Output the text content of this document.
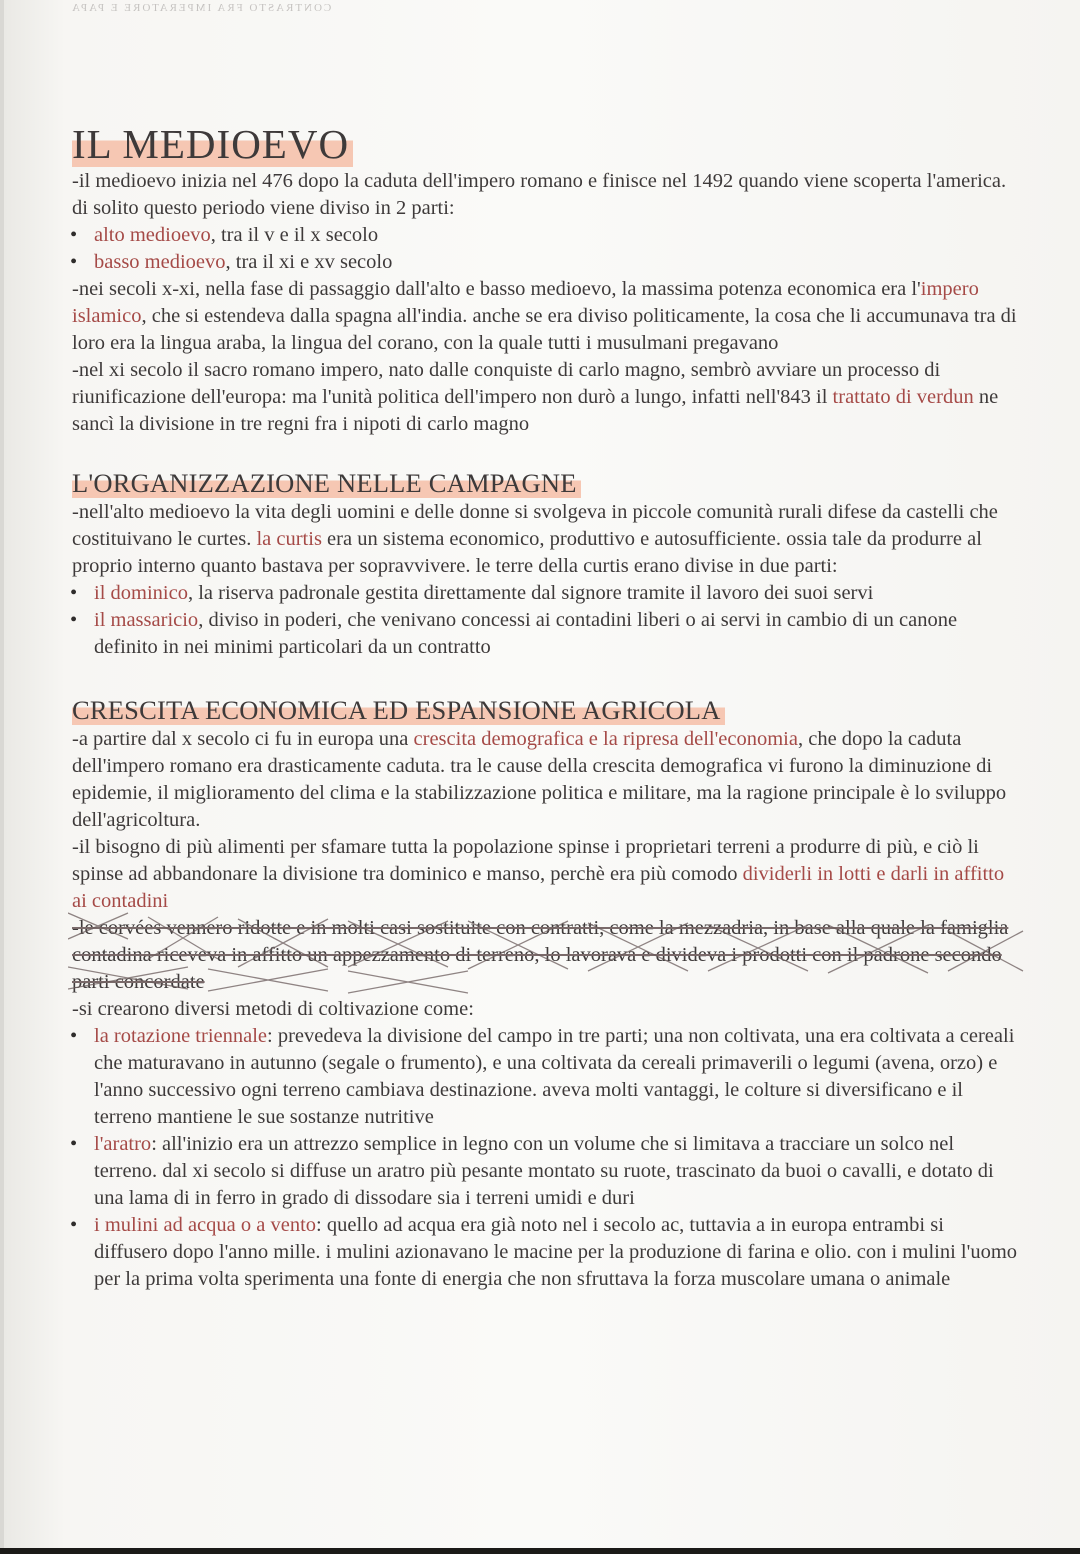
CONTRASTO FRA IMPERATORE E PAPA
IL MEDIOEVO

-il medioevo inizia nel 476 dopo la caduta dell'impero romano e finisce nel 1492 quando viene scoperta l'america. di solito questo periodo viene diviso in 2 parti:

• alto medioevo, tra il v e il x secolo
• basso medioevo, tra il xi e xv secolo

-nei secoli x-xi, nella fase di passaggio dall'alto e basso medioevo, la massima potenza economica era l'impero islamico, che si estendeva dalla spagna all'india. anche se era diviso politicamente, la cosa che li accumunava tra di loro era la lingua araba, la lingua del corano, con la quale tutti i musulmani pregavano

-nel xi secolo il sacro romano impero, nato dalle conquiste di carlo magno, sembrò avviare un processo di riunificazione dell'europa: ma l'unità politica dell'impero non durò a lungo, infatti nell'843 il trattato di verdun ne sancì la divisione in tre regni fra i nipoti di carlo magno

L'ORGANIZZAZIONE NELLE CAMPAGNE

-nell'alto medioevo la vita degli uomini e delle donne si svolgeva in piccole comunità rurali difese da castelli che costituivano le curtes. la curtis era un sistema economico, produttivo e autosufficiente. ossia tale da produrre al proprio interno quanto bastava per sopravvivere. le terre della curtis erano divise in due parti:

• il dominico, la riserva padronale gestita direttamente dal signore tramite il lavoro dei suoi servi
• il massaricio, diviso in poderi, che venivano concessi ai contadini liberi o ai servi in cambio di un canone definito in nei minimi particolari da un contratto
CRESCITA ECONOMICA ED ESPANSIONE AGRICOLA

-a partire dal x secolo ci fu in europa una crescita demografica e la ripresa dell'economia, che dopo la caduta dell'impero romano era drasticamente caduta. tra le cause della crescita demografica vi furono la diminuzione di epidemie, il miglioramento del clima e la stabilizzazione politica e militare, ma la ragione principale è lo sviluppo dell'agricoltura.

-il bisogno di più alimenti per sfamare tutta la popolazione spinse i proprietari terreni a produrre di più, e ciò li spinse ad abbandonare la divisione tra dominico e manso, perchè era più comodo dividerli in lotti e darli in affitto ai contadini

-le corvées vennero ridotte e in molti casi sostituite con contratti, come la mezzadria, in base alla quale la famiglia contadina riceveva in affitto un appezzamento di terreno, lo lavorava e divideva i prodotti con il padrone secondo parti concordate

-si crearono diversi metodi di coltivazione come:

• la rotazione triennale: prevedeva la divisione del campo in tre parti; una non coltivata, una era coltivata a cereali che maturavano in autunno (segale o frumento), e una coltivata da cereali primaverili o legumi (avena, orzo) e l'anno successivo ogni terreno cambiava destinazione. aveva molti vantaggi, le colture si diversificano e il terreno mantiene le sue sostanze nutritive
• l'aratro: all'inizio era un attrezzo semplice in legno con un volume che si limitava a tracciare un solco nel terreno. dal xi secolo si diffuse un aratro più pesante montato su ruote, trascinato da buoi o cavalli, e dotato di una lama di in ferro in grado di dissodare sia i terreni umidi e duri
• i mulini ad acqua o a vento: quello ad acqua era già noto nel i secolo ac, tuttavia a in europa entrambi si diffusero dopo l'anno mille. i mulini azionavano le macine per la produzione di farina e olio. con i mulini l'uomo per la prima volta sperimenta una fonte di energia che non sfruttava la forza muscolare umana o animale
